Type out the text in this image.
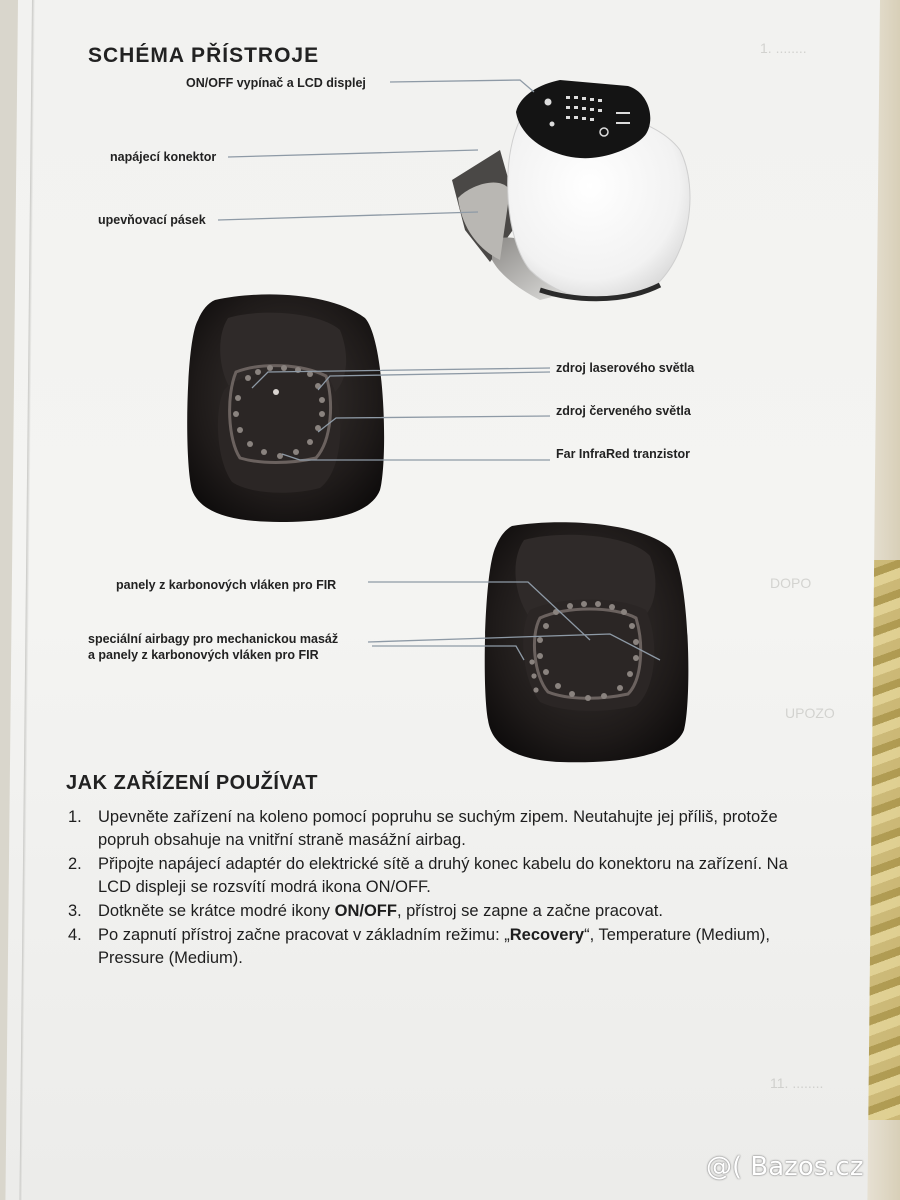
1. ........
DOPO
UPOZO
11. ........
SCHÉMA PŘÍSTROJE
ON/OFF vypínač a LCD displej
napájecí konektor
upevňovací pásek
zdroj laserového světla
zdroj červeného světla
Far InfraRed tranzistor
panely z karbonových vláken pro FIR
speciální airbagy pro mechanickou masáž
a panely z karbonových vláken pro FIR
JAK ZAŘÍZENÍ POUŽÍVAT
1. Upevněte zařízení na koleno pomocí popruhu se suchým zipem. Neutahujte jej příliš, protože popruh obsahuje na vnitřní straně masážní airbag.
2. Připojte napájecí adaptér do elektrické sítě a druhý konec kabelu do konektoru na zařízení. Na LCD displeji se rozsvítí modrá ikona ON/OFF.
3. Dotkněte se krátce modré ikony ON/OFF, přístroj se zapne a začne pracovat.
4. Po zapnutí přístroj začne pracovat v základním režimu: „Recovery“, Temperature (Medium), Pressure (Medium).
@( Bazos.cz
